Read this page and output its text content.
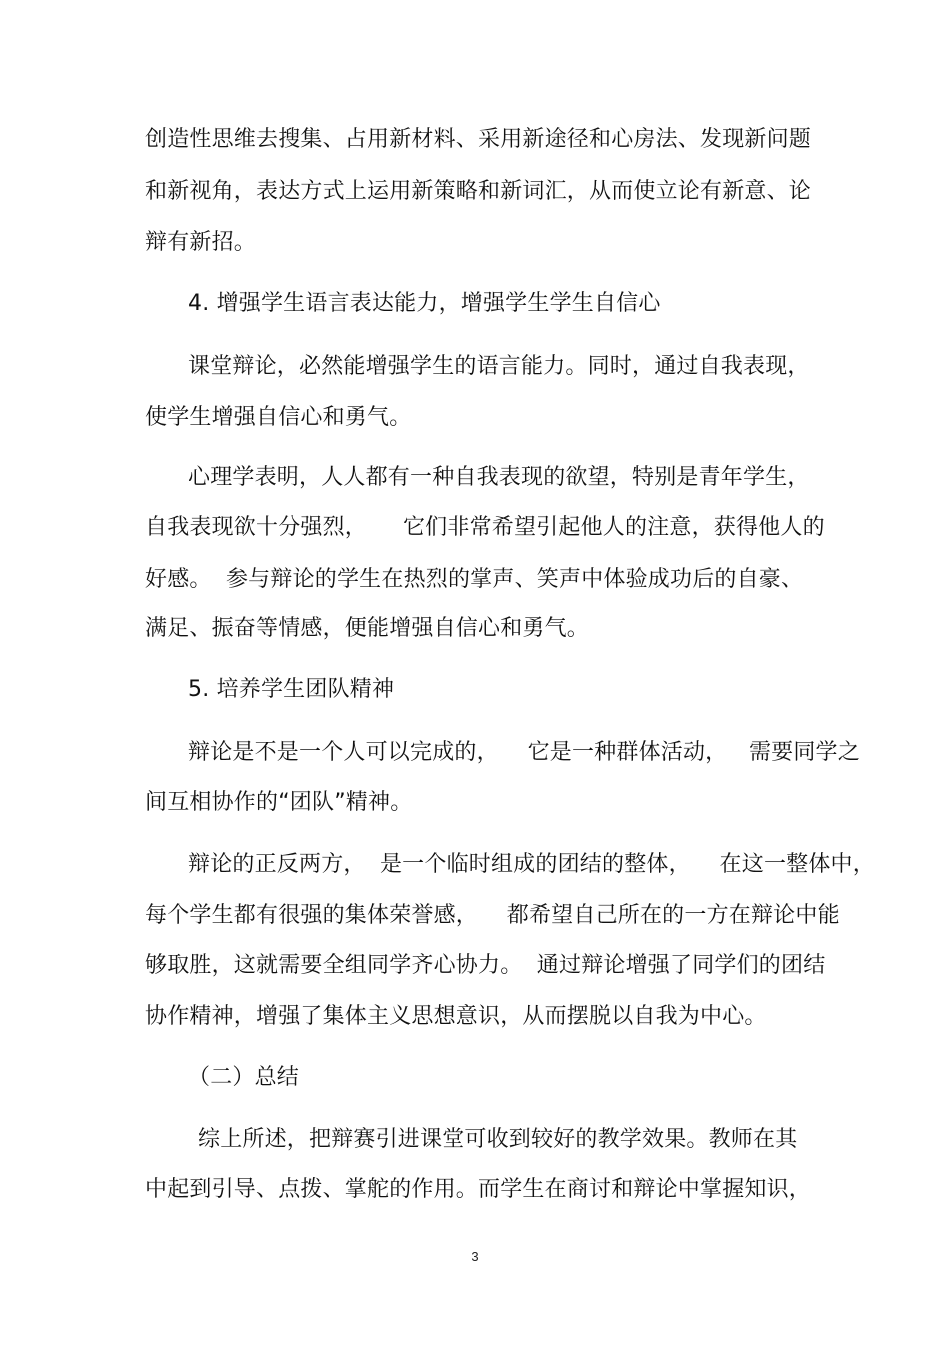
创造性思维去搜集、占用新材料、采用新途径和心房法、发现新问题
和新视角，表达方式上运用新策略和新词汇，从而使立论有新意、论
辩有新招。
4. 增强学生语言表达能力，增强学生学生自信心
课堂辩论，必然能增强学生的语言能力。同时，通过自我表现，
使学生增强自信心和勇气。
心理学表明，人人都有一种自我表现的欲望，特别是青年学生，
自我表现欲十分强烈，     它们非常希望引起他人的注意，获得他人的
好感。  参与辩论的学生在热烈的掌声、笑声中体验成功后的自豪、
满足、振奋等情感，便能增强自信心和勇气。
5. 培养学生团队精神
辩论是不是一个人可以完成的，    它是一种群体活动，   需要同学之
间互相协作的“团队”精神。
辩论的正反两方，  是一个临时组成的团结的整体，    在这一整体中，
每个学生都有很强的集体荣誉感，    都希望自己所在的一方在辩论中能
够取胜，这就需要全组同学齐心协力。  通过辩论增强了同学们的团结
协作精神，增强了集体主义思想意识，从而摆脱以自我为中心。
（二）总结
综上所述，把辩赛引进课堂可收到较好的教学效果。教师在其
中起到引导、点拨、掌舵的作用。而学生在商讨和辩论中掌握知识，
3
